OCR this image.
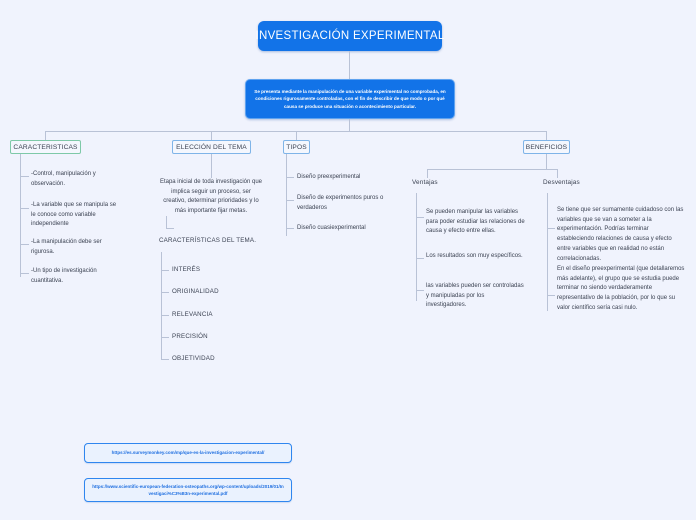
INVESTIGACIÓN EXPERIMENTAL
Se presenta mediante la manipulación de una variable experimental no comprobada, en condiciones rigurosamente controladas, con el fin de describir de que modo o por qué causa se produce una situación o acontecimiento particular.
CARACTERISTICAS
-Control, manipulación y observación.
-La variable que se manipula se le conoce como variable independiente
-La manipulación debe ser rigurosa.
-Un tipo de investigación cuantitativa.
ELECCIÓN DEL TEMA
Etapa inicial de toda investigación que implica seguir un proceso, ser creativo, determinar prioridades y lo más importante fijar metas.
CARACTERÍSTICAS DEL TEMA.
INTERÉS
ORIGINALIDAD
RELEVANCIA
PRECISIÓN
OBJETIVIDAD
TIPOS
Diseño preexperimental
Diseño de experimentos puros o verdaderos
Diseño cuasiexperimental
BENEFICIOS
Ventajas	Desventajas
Se pueden manipular las variables para poder estudiar las relaciones de causa y efecto entre ellas.
Los resultados son muy específicos.
las variables pueden ser controladas y manipuladas por los investigadores.
Se tiene que ser sumamente cuidadoso con las variables que se van a someter a la experimentación. Podrías terminar estableciendo relaciones de causa y efecto entre variables que en realidad no están correlacionadas.
En el diseño preexperimental (que detallaremos más adelante), el grupo que se estudia puede terminar no siendo verdaderamente representativo de la población, por lo que su valor científico sería casi nulo.
https://es.surveymonkey.com/mp/que-es-la-investigacion-experimental/
https://www.scientific-european-federation-osteopaths.org/wp-content/uploads/2019/01/Investigaci%C3%B3n-experimental.pdf
